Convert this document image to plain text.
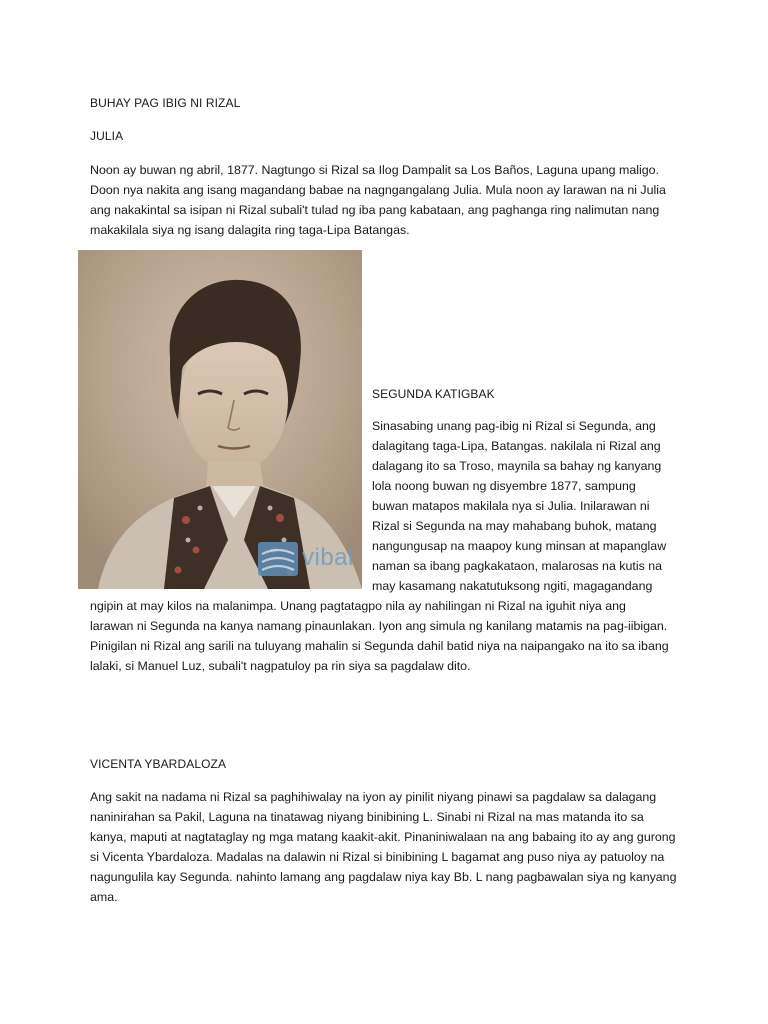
BUHAY PAG IBIG NI RIZAL
JULIA
Noon ay buwan ng abril, 1877. Nagtungo si Rizal sa Ilog Dampalit sa Los Baños, Laguna upang maligo.
Doon nya nakita ang isang magandang babae na nagngangalang Julia. Mula noon ay larawan na ni Julia
ang nakakintal sa isipan ni Rizal subali't tulad ng iba pang kabataan, ang paghanga ring nalimutan nang
makakilala siya ng isang dalagita ring taga-Lipa Batangas.
vibal
SEGUNDA KATIGBAK
Sinasabing unang pag-ibig ni Rizal si Segunda, ang
dalagitang taga-Lipa, Batangas. nakilala ni Rizal ang
dalagang ito sa Troso, maynila sa bahay ng kanyang
lola noong buwan ng disyembre 1877, sampung
buwan matapos makilala nya si Julia. Inilarawan ni
Rizal si Segunda na may mahabang buhok, matang
nangungusap na maapoy kung minsan at mapanglaw
naman sa ibang pagkakataon, malarosas na kutis na
may kasamang nakatutuksong ngiti, magagandang
ngipin at may kilos na malanimpa. Unang pagtatagpo nila ay nahilingan ni Rizal na iguhit niya ang
larawan ni Segunda na kanya namang pinaunlakan. Iyon ang simula ng kanilang matamis na pag-iibigan.
Pinigilan ni Rizal ang sarili na tuluyang mahalin si Segunda dahil batid niya na naipangako na ito sa ibang
lalaki, si Manuel Luz, subali't nagpatuloy pa rin siya sa pagdalaw dito.
VICENTA YBARDALOZA
Ang sakit na nadama ni Rizal sa paghihiwalay na iyon ay pinilit niyang pinawi sa pagdalaw sa dalagang
naninirahan sa Pakil, Laguna na tinatawag niyang binibining L. Sinabi ni Rizal na mas matanda ito sa
kanya, maputi at nagtataglay ng mga matang kaakit-akit. Pinaniniwalaan na ang babaing ito ay ang gurong
si Vicenta Ybardaloza. Madalas na dalawin ni Rizal si binibining L bagamat ang puso niya ay patuoloy na
nagungulila kay Segunda. nahinto lamang ang pagdalaw niya kay Bb. L nang pagbawalan siya ng kanyang
ama.
